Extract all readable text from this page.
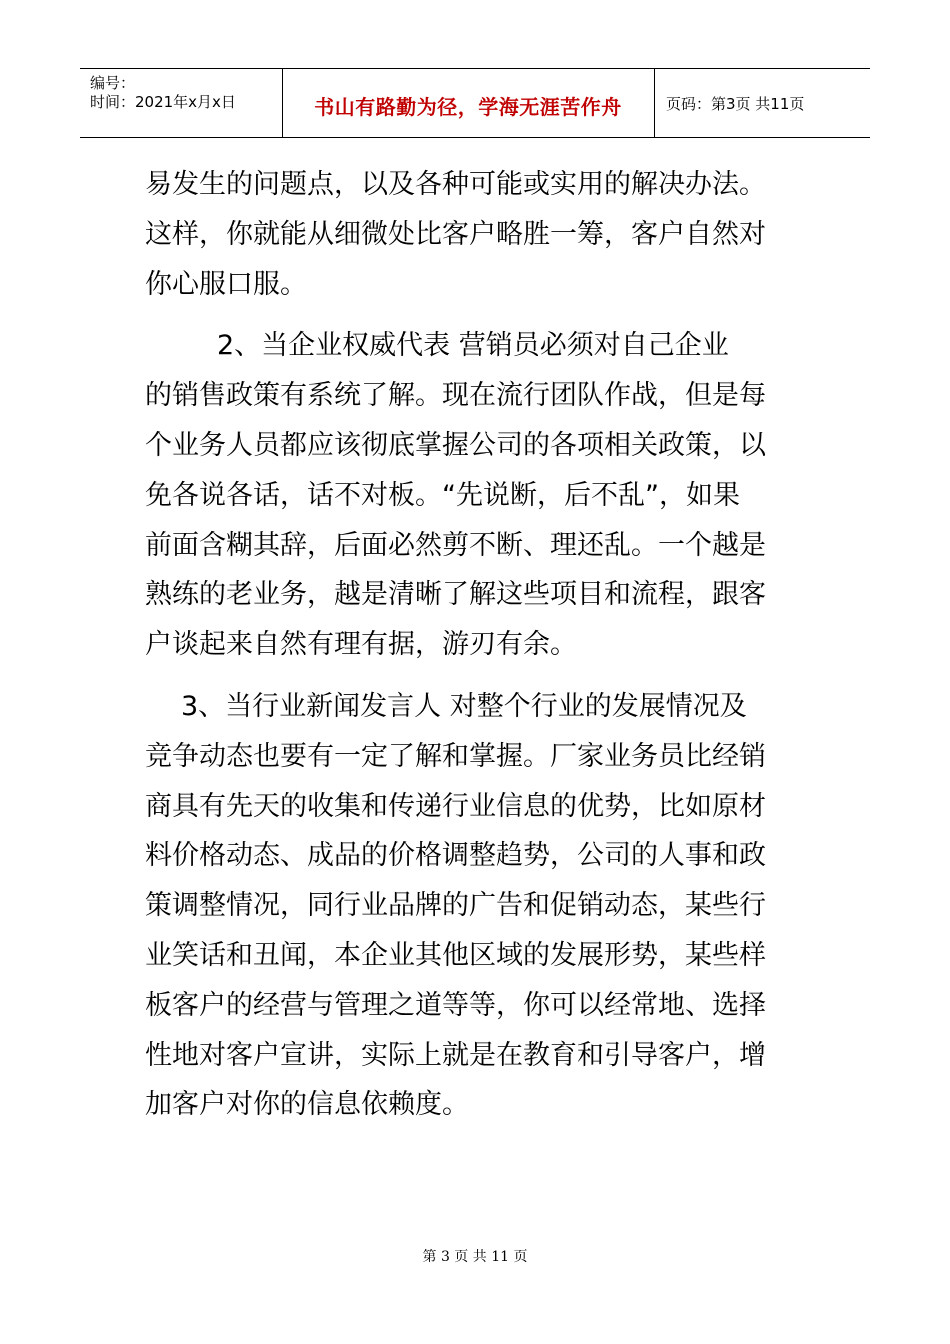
编号：
时间：2021年x月x日	书山有路勤为径，学海无涯苦作舟	页码：第3页 共11页

易发生的问题点，以及各种可能或实用的解决办法。
这样，你就能从细微处比客户略胜一筹，客户自然对
你心服口服。

2、当企业权威代表 营销员必须对自己企业
的销售政策有系统了解。现在流行团队作战，但是每
个业务人员都应该彻底掌握公司的各项相关政策，以
免各说各话，话不对板。“先说断，后不乱”，如果
前面含糊其辞，后面必然剪不断、理还乱。一个越是
熟练的老业务，越是清晰了解这些项目和流程，跟客
户谈起来自然有理有据，游刃有余。

3、当行业新闻发言人 对整个行业的发展情况及
竞争动态也要有一定了解和掌握。厂家业务员比经销
商具有先天的收集和传递行业信息的优势，比如原材
料价格动态、成品的价格调整趋势，公司的人事和政
策调整情况，同行业品牌的广告和促销动态，某些行
业笑话和丑闻，本企业其他区域的发展形势，某些样
板客户的经营与管理之道等等，你可以经常地、选择
性地对客户宣讲，实际上就是在教育和引导客户，增
加客户对你的信息依赖度。

第 3 页 共 11 页
